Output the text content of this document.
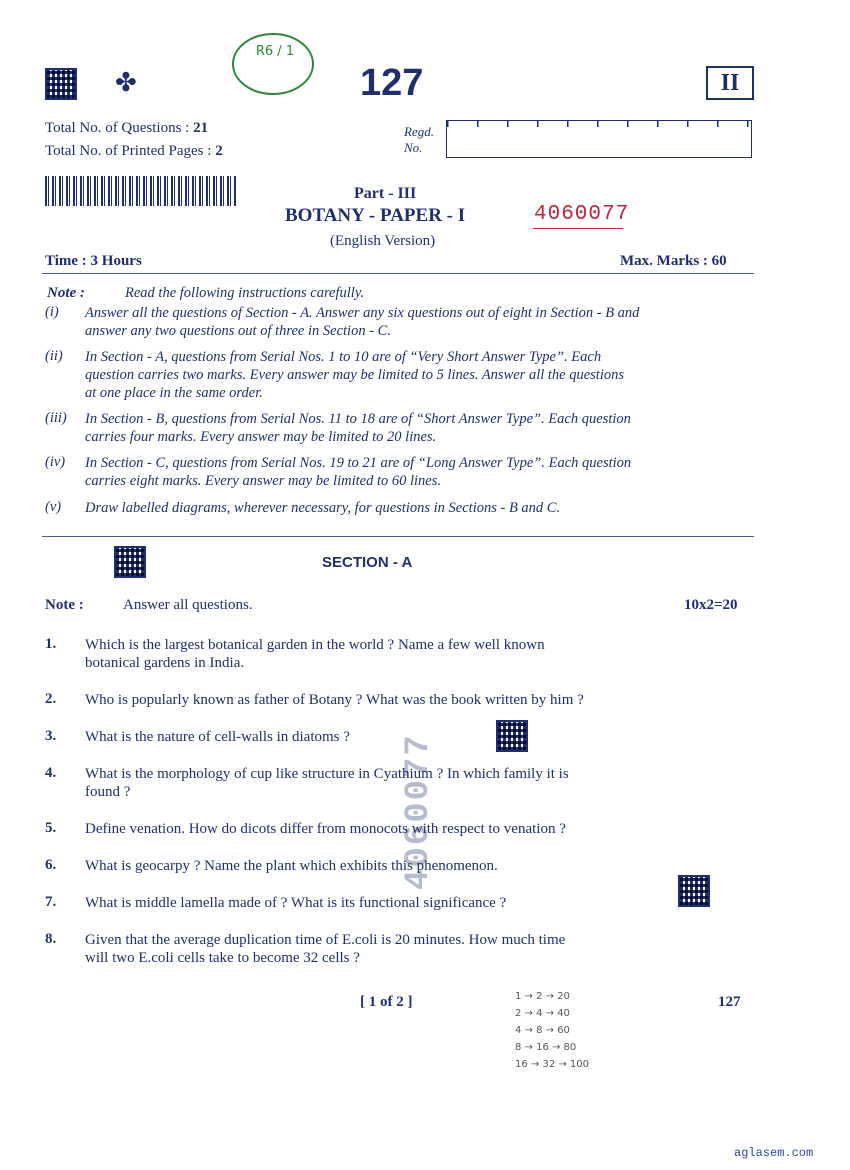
4060077
✤
R6 / 1
127	II
Total No. of Questions : 21
Total No. of Printed Pages : 2
Regd.
No.
Part - III
BOTANY - PAPER - I	4060077
(English Version)
Time : 3 Hours	Max. Marks : 60
Note :	Read the following instructions carefully.
(i) Answer all the questions of Section - A. Answer any six questions out of eight in Section - B and
answer any two questions out of three in Section - C.
(ii) In Section - A, questions from Serial Nos. 1 to 10 are of “Very Short Answer Type”. Each
question carries two marks. Every answer may be limited to 5 lines. Answer all the questions
at one place in the same order.
(iii) In Section - B, questions from Serial Nos. 11 to 18 are of “Short Answer Type”. Each question
carries four marks. Every answer may be limited to 20 lines.
(iv) In Section - C, questions from Serial Nos. 19 to 21 are of “Long Answer Type”. Each question
carries eight marks. Every answer may be limited to 60 lines.
(v) Draw labelled diagrams, wherever necessary, for questions in Sections - B and C.
SECTION - A
Note :	Answer all questions.	10x2=20
1. Which is the largest botanical garden in the world ? Name a few well known
botanical gardens in India.
2. Who is popularly known as father of Botany ? What was the book written by him ?
3. What is the nature of cell-walls in diatoms ?
4. What is the morphology of cup like structure in Cyathium ? In which family it is
found ?
5. Define venation. How do dicots differ from monocots with respect to venation ?
6. What is geocarpy ? Name the plant which exhibits this phenomenon.
7. What is middle lamella made of ? What is its functional significance ?
8. Given that the average duplication time of E.coli is 20 minutes. How much time
will two E.coli cells take to become 32 cells ?
[ 1 of 2 ]	127
1 → 2 → 20
2 → 4 → 40
4 → 8 → 60
8 → 16 → 80
16 → 32 → 100
aglasem.com
